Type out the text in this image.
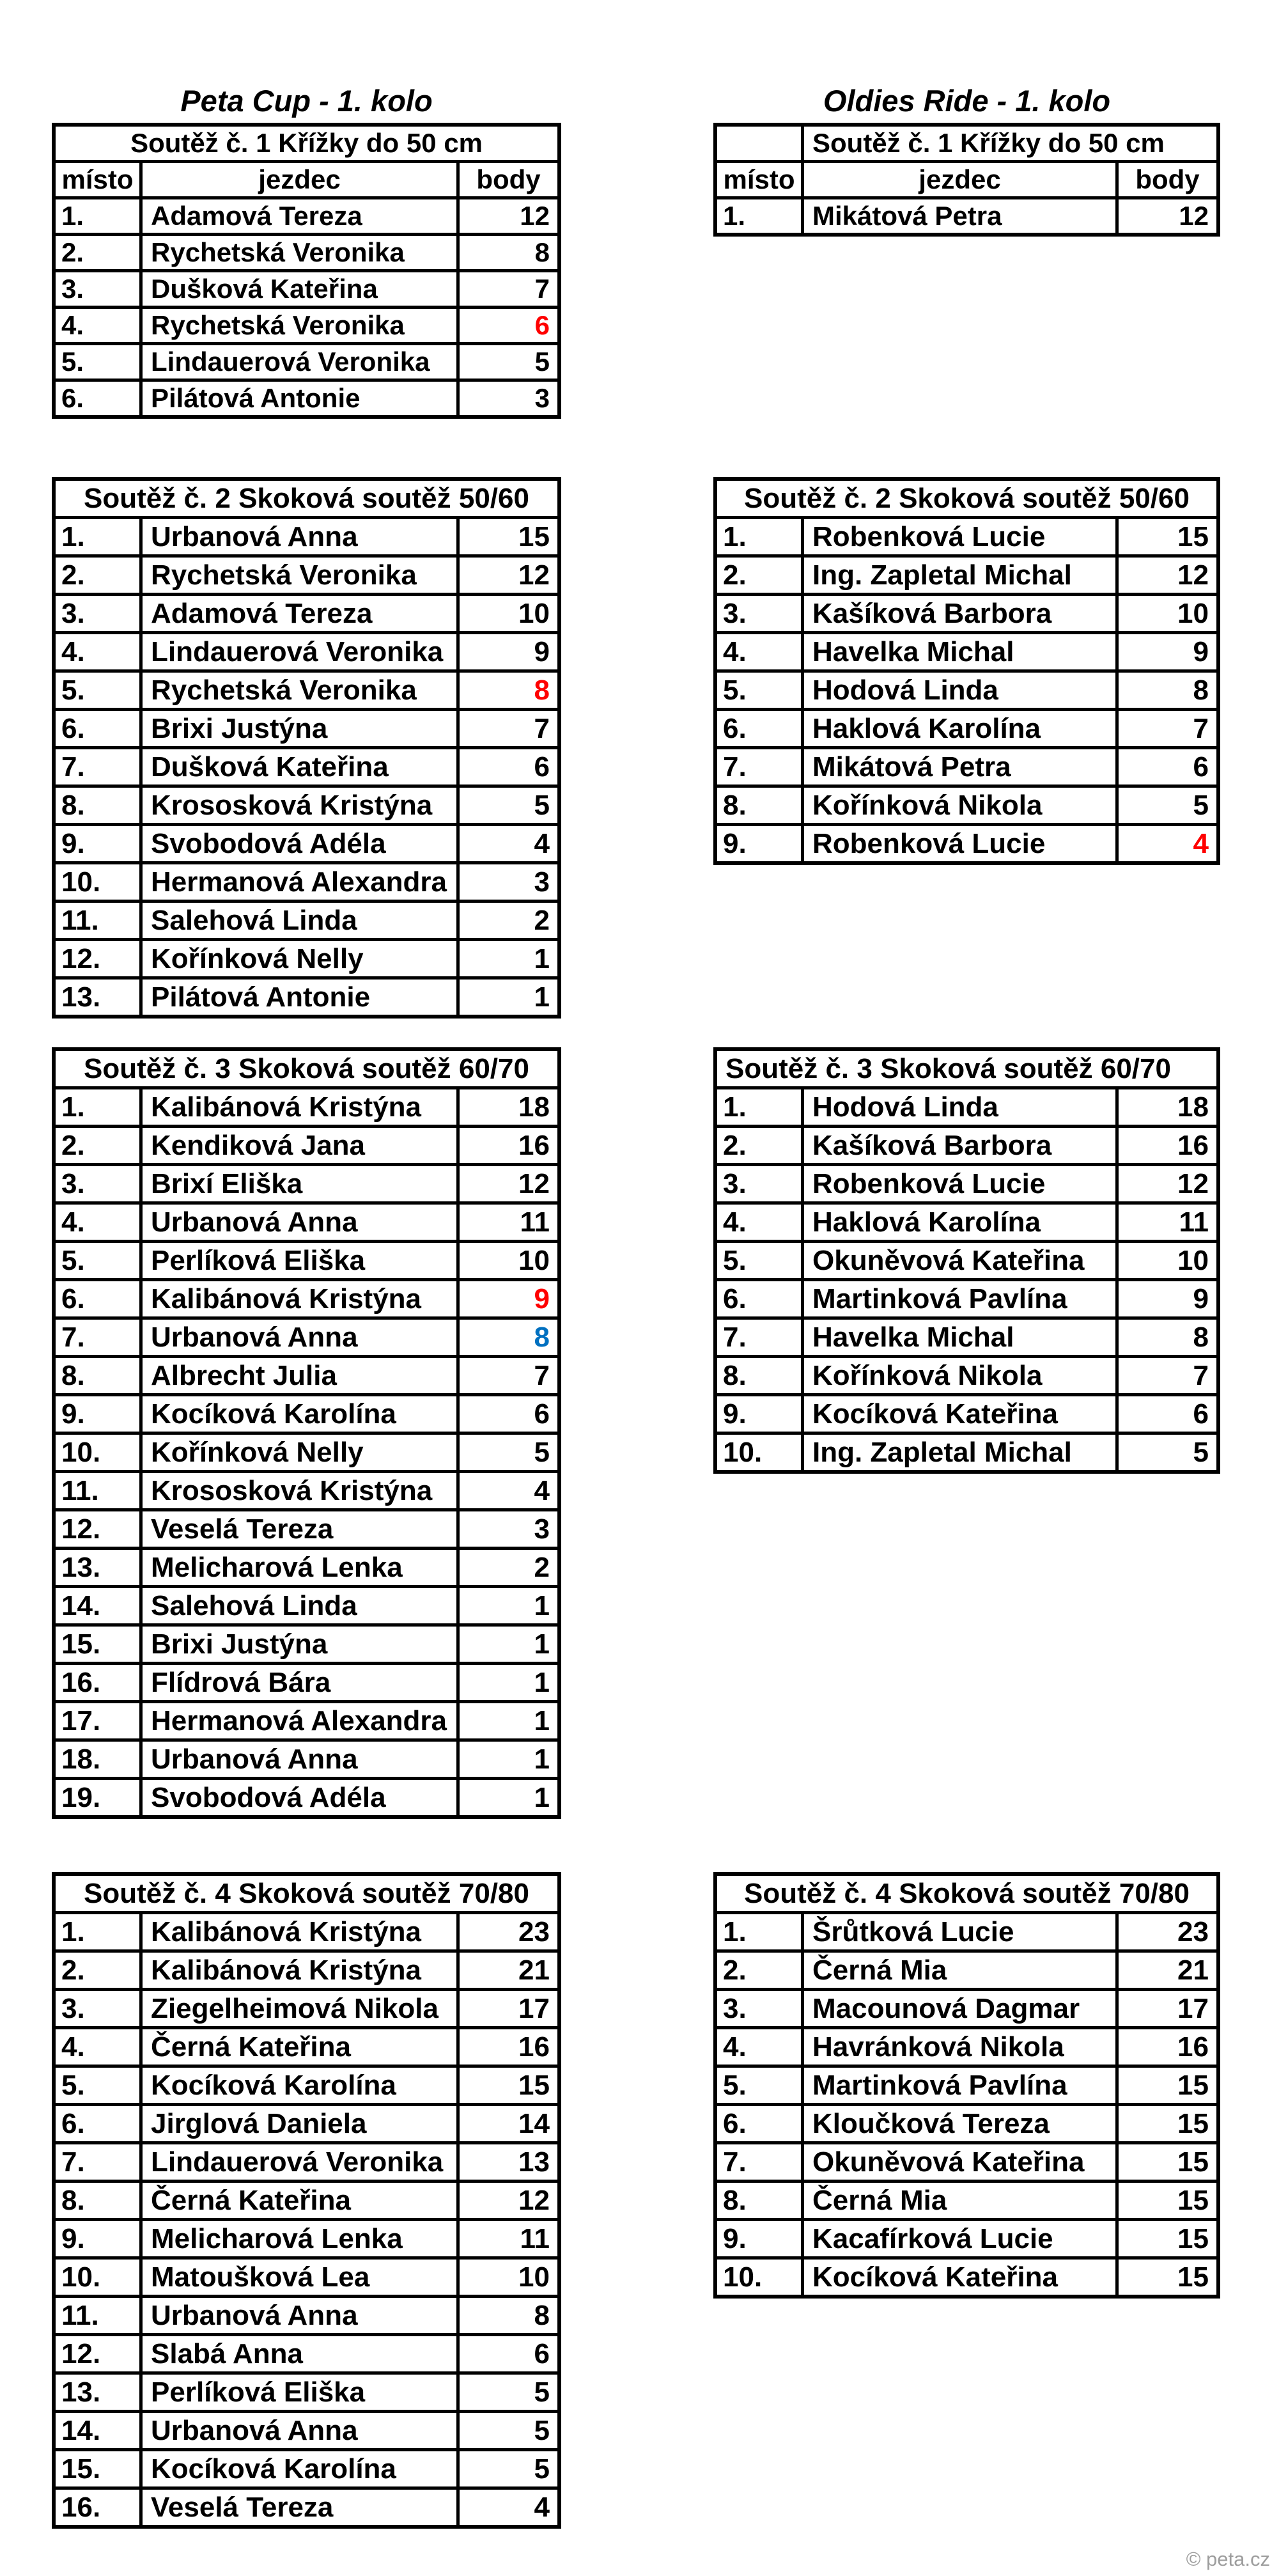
Peta Cup - 1. kolo	Oldies Ride - 1. kolo
Soutěž č. 1 Křížky do 50 cm
místo	jezdec	body
1.	Adamová Tereza	12
2.	Rychetská Veronika	8
3.	Dušková Kateřina	7
4.	Rychetská Veronika	6
5.	Lindauerová Veronika	5
6.	Pilátová Antonie	3
Soutěž č. 2 Skoková soutěž 50/60
1.	Urbanová Anna	15
2.	Rychetská Veronika	12
3.	Adamová Tereza	10
4.	Lindauerová Veronika	9
5.	Rychetská Veronika	8
6.	Brixi Justýna	7
7.	Dušková Kateřina	6
8.	Krososková Kristýna	5
9.	Svobodová Adéla	4
10.	Hermanová Alexandra	3
11.	Salehová Linda	2
12.	Kořínková Nelly	1
13.	Pilátová Antonie	1
Soutěž č. 3 Skoková soutěž 60/70
1.	Kalibánová Kristýna	18
2.	Kendiková Jana	16
3.	Brixí Eliška	12
4.	Urbanová Anna	11
5.	Perlíková Eliška	10
6.	Kalibánová Kristýna	9
7.	Urbanová Anna	8
8.	Albrecht Julia	7
9.	Kocíková Karolína	6
10.	Kořínková Nelly	5
11.	Krososková Kristýna	4
12.	Veselá Tereza	3
13.	Melicharová Lenka	2
14.	Salehová Linda	1
15.	Brixi Justýna	1
16.	Flídrová Bára	1
17.	Hermanová Alexandra	1
18.	Urbanová Anna	1
19.	Svobodová Adéla	1
Soutěž č. 4 Skoková soutěž 70/80
1.	Kalibánová Kristýna	23
2.	Kalibánová Kristýna	21
3.	Ziegelheimová Nikola	17
4.	Černá Kateřina	16
5.	Kocíková Karolína	15
6.	Jirglová Daniela	14
7.	Lindauerová Veronika	13
8.	Černá Kateřina	12
9.	Melicharová Lenka	11
10.	Matoušková Lea	10
11.	Urbanová Anna	8
12.	Slabá Anna	6
13.	Perlíková Eliška	5
14.	Urbanová Anna	5
15.	Kocíková Karolína	5
16.	Veselá Tereza	4
Soutěž č. 1 Křížky do 50 cm
místo	jezdec	body
1.	Mikátová Petra	12
Soutěž č. 2 Skoková soutěž 50/60
1.	Robenková Lucie	15
2.	Ing. Zapletal Michal	12
3.	Kašíková Barbora	10
4.	Havelka Michal	9
5.	Hodová Linda	8
6.	Haklová Karolína	7
7.	Mikátová Petra	6
8.	Kořínková Nikola	5
9.	Robenková Lucie	4
Soutěž č. 3 Skoková soutěž 60/70
1.	Hodová Linda	18
2.	Kašíková Barbora	16
3.	Robenková Lucie	12
4.	Haklová Karolína	11
5.	Okuněvová Kateřina	10
6.	Martinková Pavlína	9
7.	Havelka Michal	8
8.	Kořínková Nikola	7
9.	Kocíková Kateřina	6
10.	Ing. Zapletal Michal	5
Soutěž č. 4 Skoková soutěž 70/80
1.	Šrůtková Lucie	23
2.	Černá Mia	21
3.	Macounová Dagmar	17
4.	Havránková Nikola	16
5.	Martinková Pavlína	15
6.	Kloučková Tereza	15
7.	Okuněvová Kateřina	15
8.	Černá Mia	15
9.	Kacafírková Lucie	15
10.	Kocíková Kateřina	15
© peta.cz
